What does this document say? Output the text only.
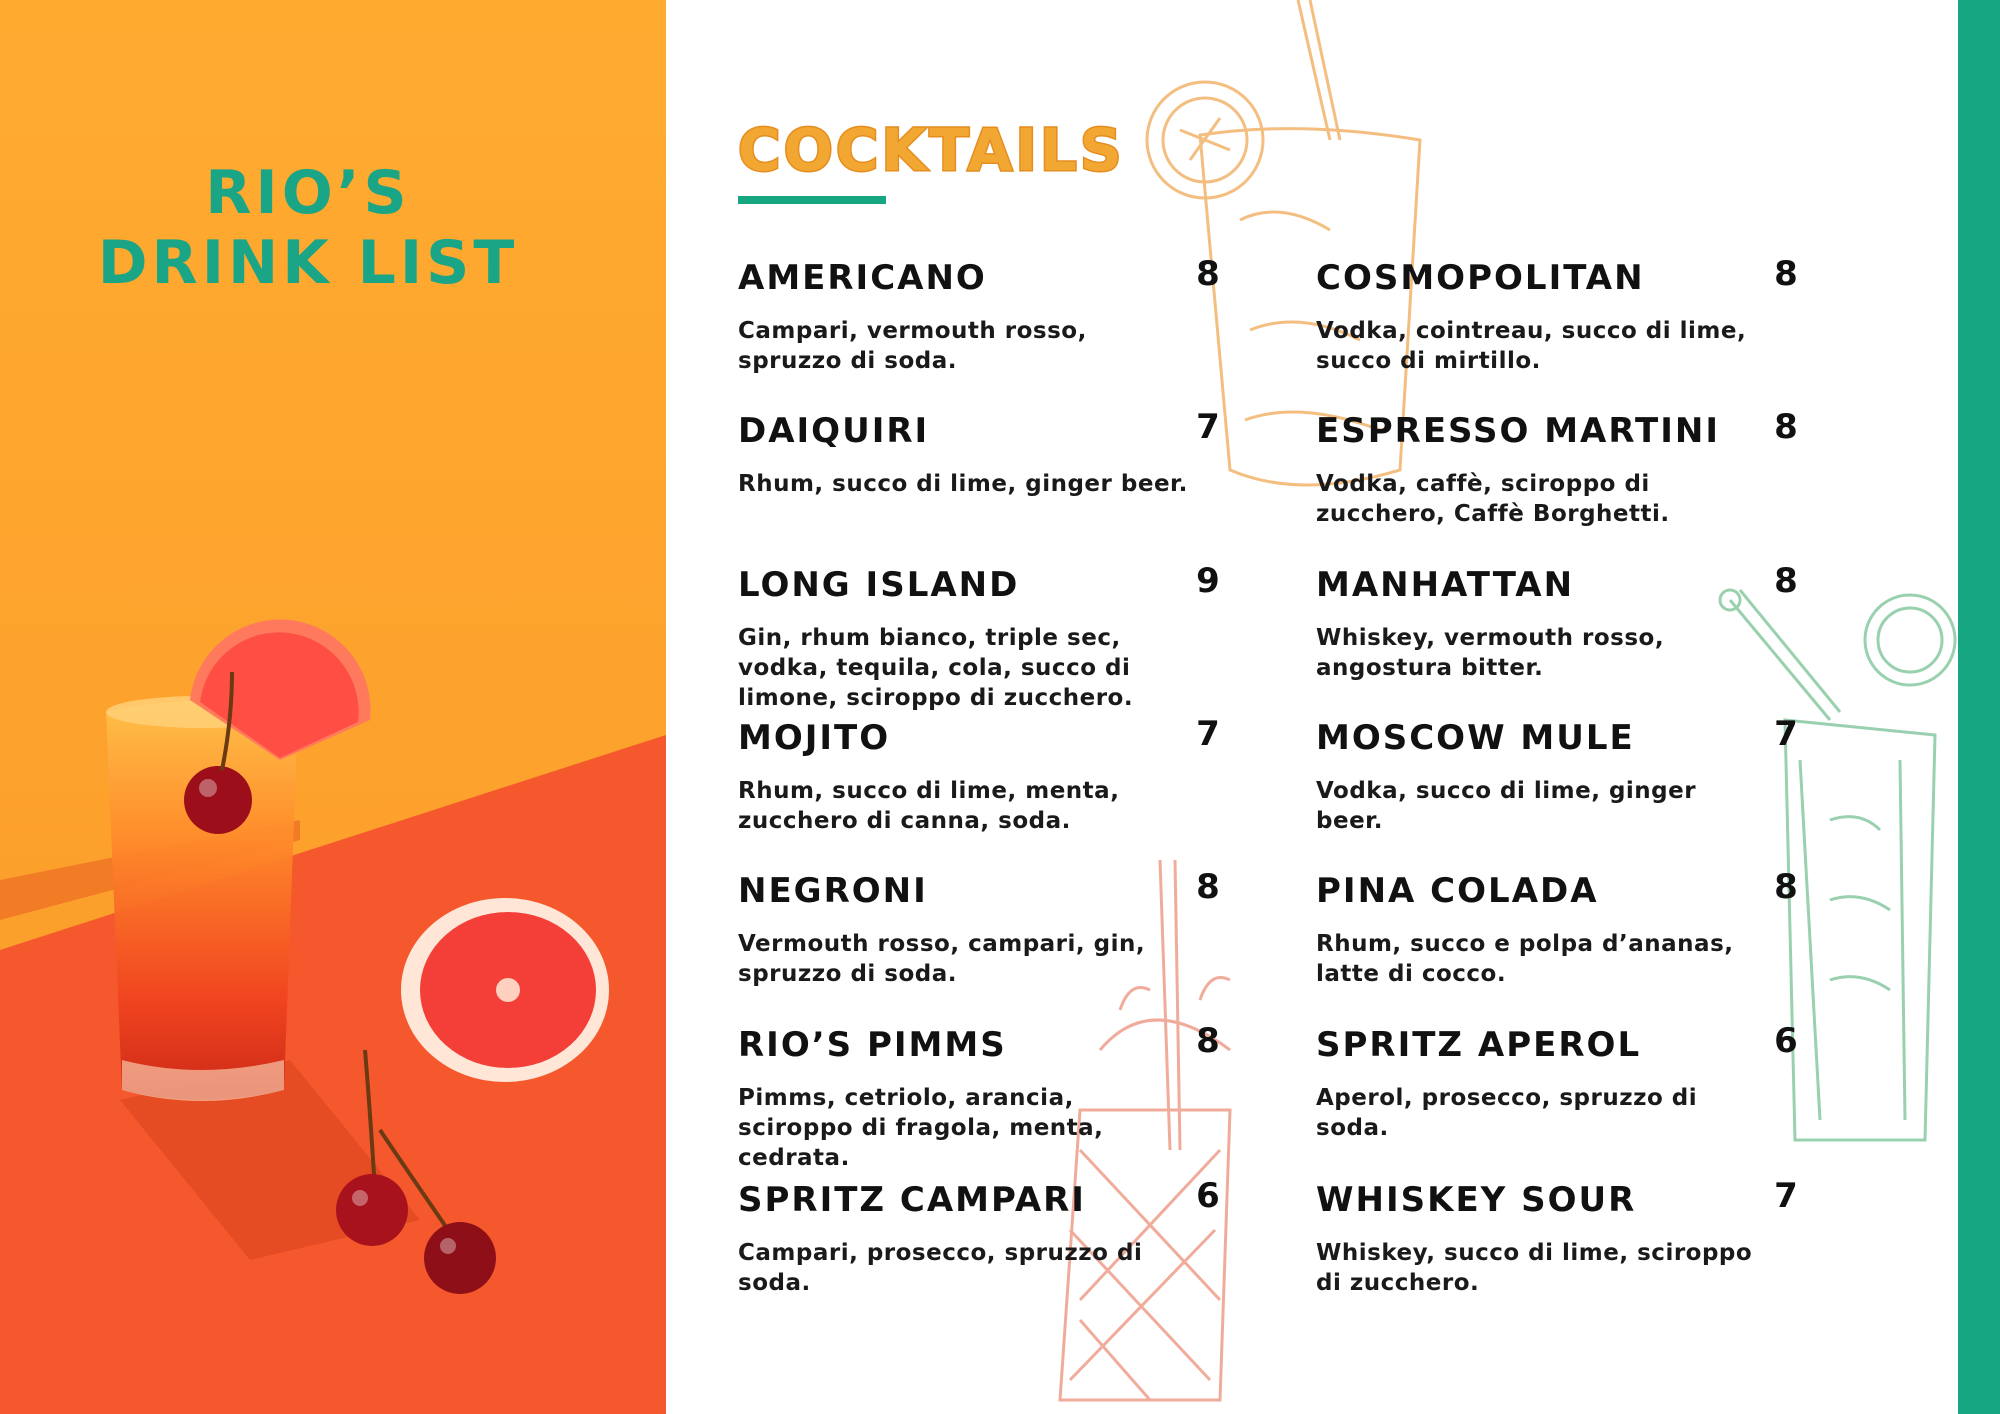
RIO’S
DRINK LIST
COCKTAILS
AMERICANO	8
Campari, vermouth rosso, spruzzo di soda.
DAIQUIRI	7
Rhum, succo di lime, ginger beer.
LONG ISLAND	9
Gin, rhum bianco, triple sec, vodka, tequila, cola, succo di limone, sciroppo di zucchero.
MOJITO	7
Rhum, succo di lime, menta, zucchero di canna, soda.
NEGRONI	8
Vermouth rosso, campari, gin, spruzzo di soda.
RIO’S PIMMS	8
Pimms, cetriolo, arancia, sciroppo di fragola, menta, cedrata.
SPRITZ CAMPARI	6
Campari, prosecco, spruzzo di soda.
COSMOPOLITAN	8
Vodka, cointreau, succo di lime, succo di mirtillo.
ESPRESSO MARTINI 8
Vodka, caffè, sciroppo di zucchero, Caffè Borghetti.
MANHATTAN	8
Whiskey, vermouth rosso, angostura bitter.
MOSCOW MULE	7
Vodka, succo di lime, ginger beer.
PINA COLADA	8
Rhum, succo e polpa d’ananas, latte di cocco.
SPRITZ APEROL	6
Aperol, prosecco, spruzzo di soda.
WHISKEY SOUR	7
Whiskey, succo di lime, sciroppo di zucchero.
